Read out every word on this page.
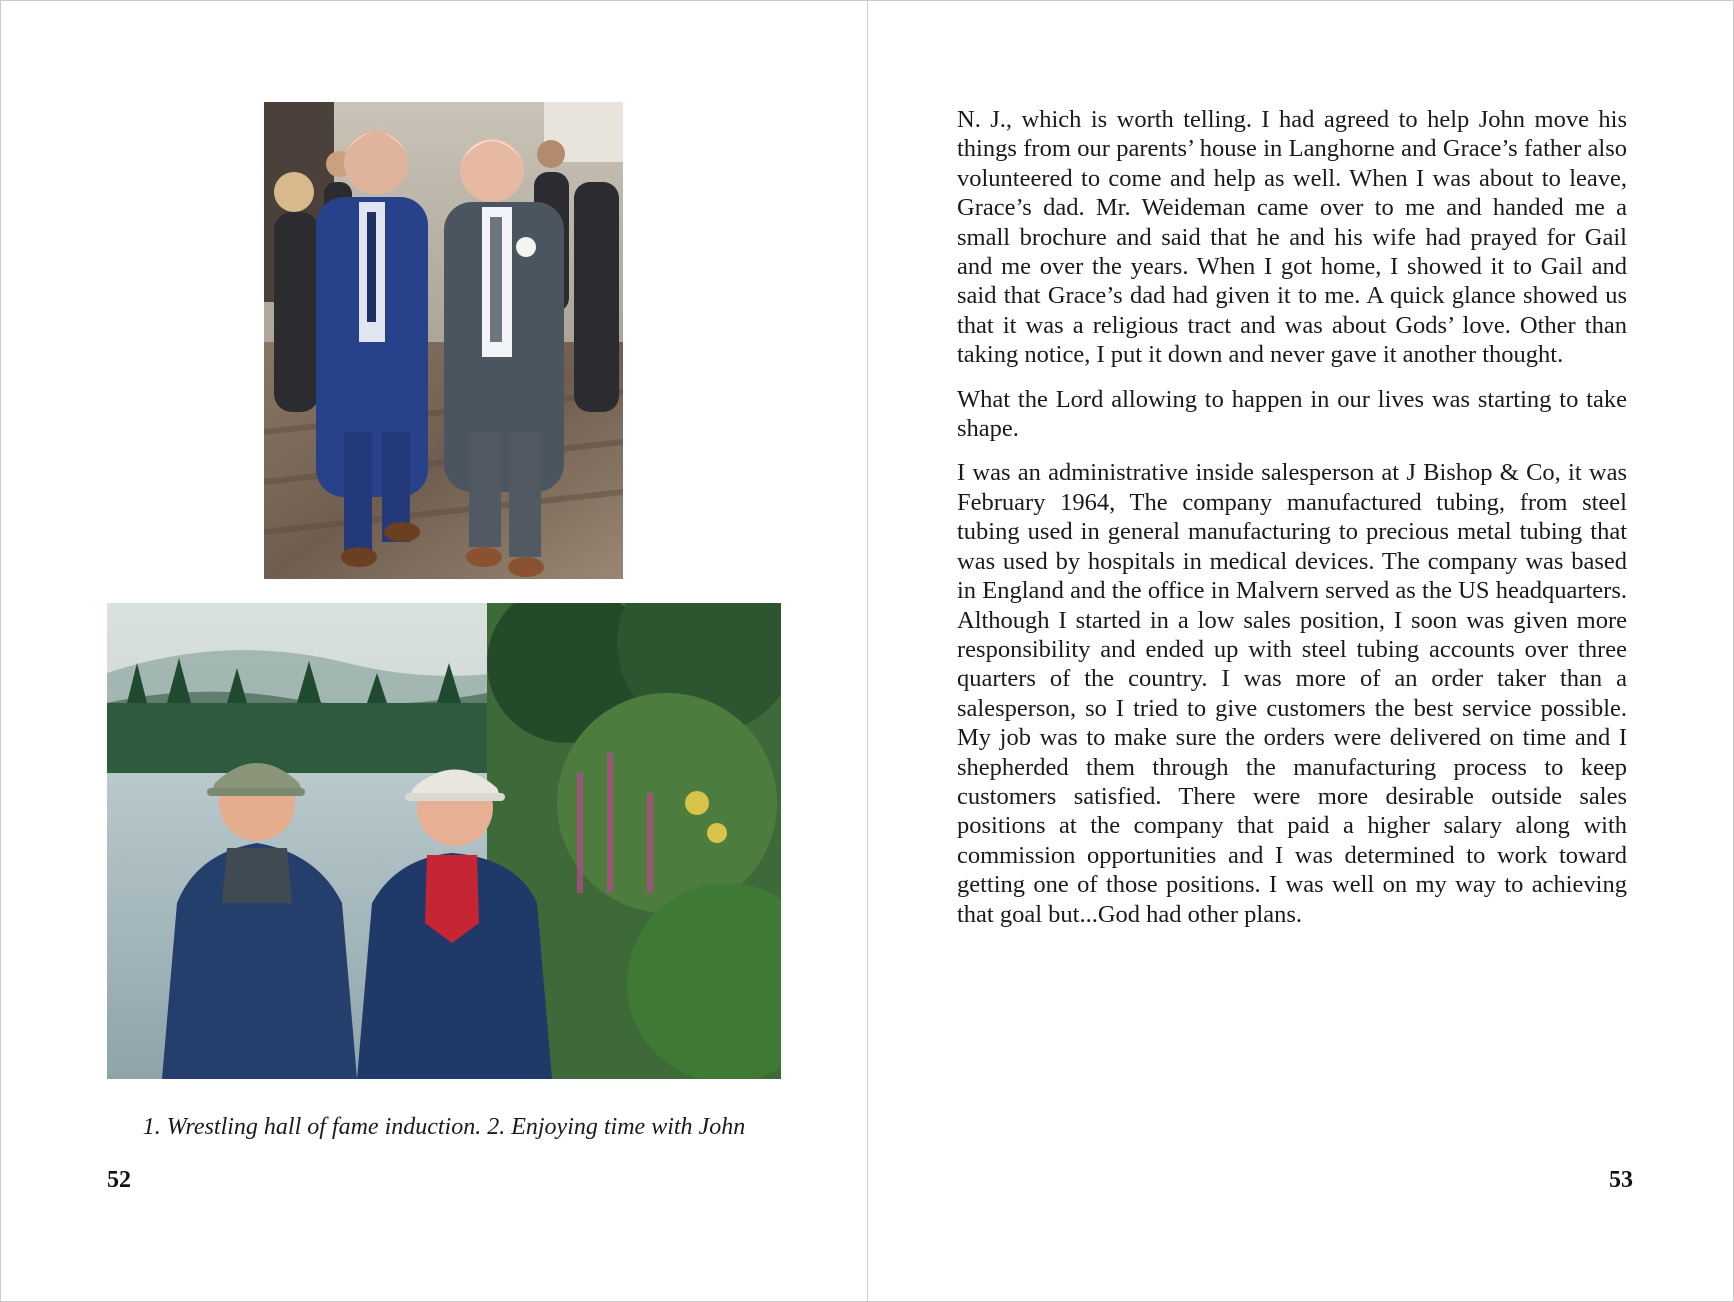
1. Wrestling hall of fame induction. 2. Enjoying time with John
52

N. J., which is worth telling. I had agreed to help John move his things from our parents’ house in Langhorne and Grace’s father also volunteered to come and help as well. When I was about to leave, Grace’s dad. Mr. Weideman came over to me and handed me a small brochure and said that he and his wife had prayed for Gail and me over the years. When I got home, I showed it to Gail and said that Grace’s dad had given it to me. A quick glance showed us that it was a religious tract and was about Gods’ love. Other than taking notice, I put it down and never gave it another thought.

What the Lord allowing to happen in our lives was starting to take shape.

I was an administrative inside salesperson at J Bishop & Co, it was February 1964, The company manufactured tubing, from steel tubing used in general manufacturing to precious metal tubing that was used by hospitals in medical devices. The company was based in England and the office in Malvern served as the US headquarters. Although I started in a low sales position, I soon was given more responsibility and ended up with steel tubing accounts over three quarters of the country. I was more of an order taker than a salesperson, so I tried to give customers the best service possible. My job was to make sure the orders were delivered on time and I shepherded them through the manufacturing process to keep customers satisfied. There were more desirable outside sales positions at the company that paid a higher salary along with commission opportunities and I was determined to work toward getting one of those positions. I was well on my way to achieving that goal but...God had other plans.

53
